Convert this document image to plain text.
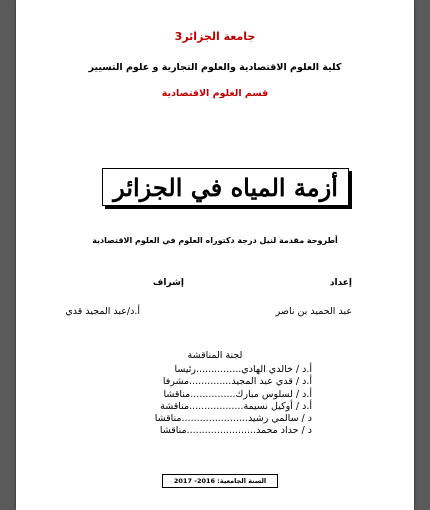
جامعة الجزائر3
كلية العلوم الاقتصادية والعلوم التجارية و علوم التسيير
قسم العلوم الاقتصادية
أزمة المياه في الجزائر
أطروحة مقدمة لنيل درجة دكتوراه العلوم في العلوم الاقتصادية
إعداد
إشراف
عبد الحميد بن ناصر
أ.د/عبد المجيد قدي
لجنة المناقشة
أ.د / خالدي الهادي...............رئيسا
أ.د / قدي عبد المجيد..............مشرفا
أ.د / لسلوس مبارك...............مناقشا
أ.د / أوكيل نسيمة..................مناقشة
د / سالمي رشيد......................مناقشا
د / حداد محمد.......................مناقشا
السنة الجامعية: 2016- 2017
